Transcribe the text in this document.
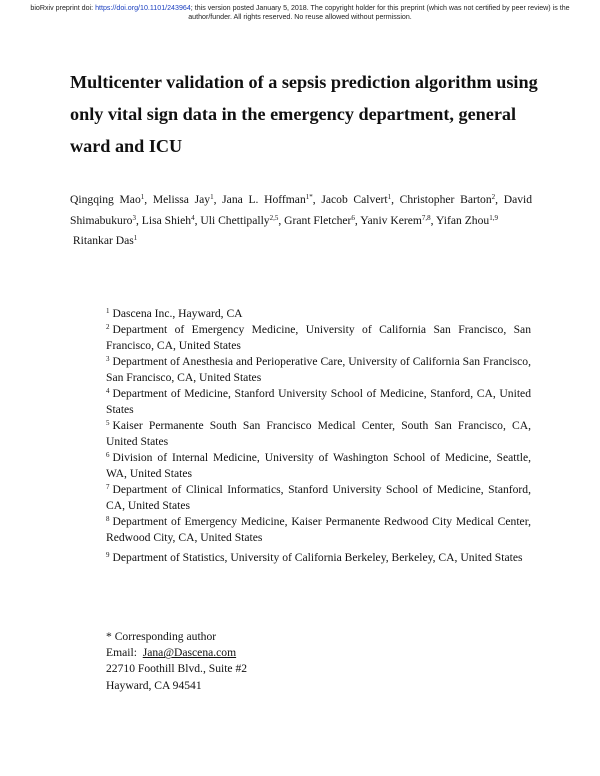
bioRxiv preprint doi: https://doi.org/10.1101/243964; this version posted January 5, 2018. The copyright holder for this preprint (which was not certified by peer review) is the author/funder. All rights reserved. No reuse allowed without permission.
Multicenter validation of a sepsis prediction algorithm using only vital sign data in the emergency department, general ward and ICU
Qingqing Mao$^1$, Melissa Jay$^1$, Jana L. Hoffman$^{1*}$, Jacob Calvert$^1$, Christopher Barton$^2$, David Shimabukuro$^3$, Lisa Shieh$^4$, Uli Chettipally$^{2,5}$, Grant Fletcher$^6$, Yaniv Kerem$^{7,8}$, Yifan Zhou$^{1,9}$
Ritankar Das$^1$
$^1$ Dascena Inc., Hayward, CA
$^2$ Department of Emergency Medicine, University of California San Francisco, San Francisco, CA, United States
$^3$ Department of Anesthesia and Perioperative Care, University of California San Francisco, San Francisco, CA, United States
$^4$ Department of Medicine, Stanford University School of Medicine, Stanford, CA, United States
$^5$ Kaiser Permanente South San Francisco Medical Center, South San Francisco, CA, United States
$^6$ Division of Internal Medicine, University of Washington School of Medicine, Seattle, WA, United States
$^7$ Department of Clinical Informatics, Stanford University School of Medicine, Stanford, CA, United States
$^8$ Department of Emergency Medicine, Kaiser Permanente Redwood City Medical Center, Redwood City, CA, United States
$^9$ Department of Statistics, University of California Berkeley, Berkeley, CA, United States
* Corresponding author
Email: Jana@Dascena.com
22710 Foothill Blvd., Suite #2
Hayward, CA 94541
